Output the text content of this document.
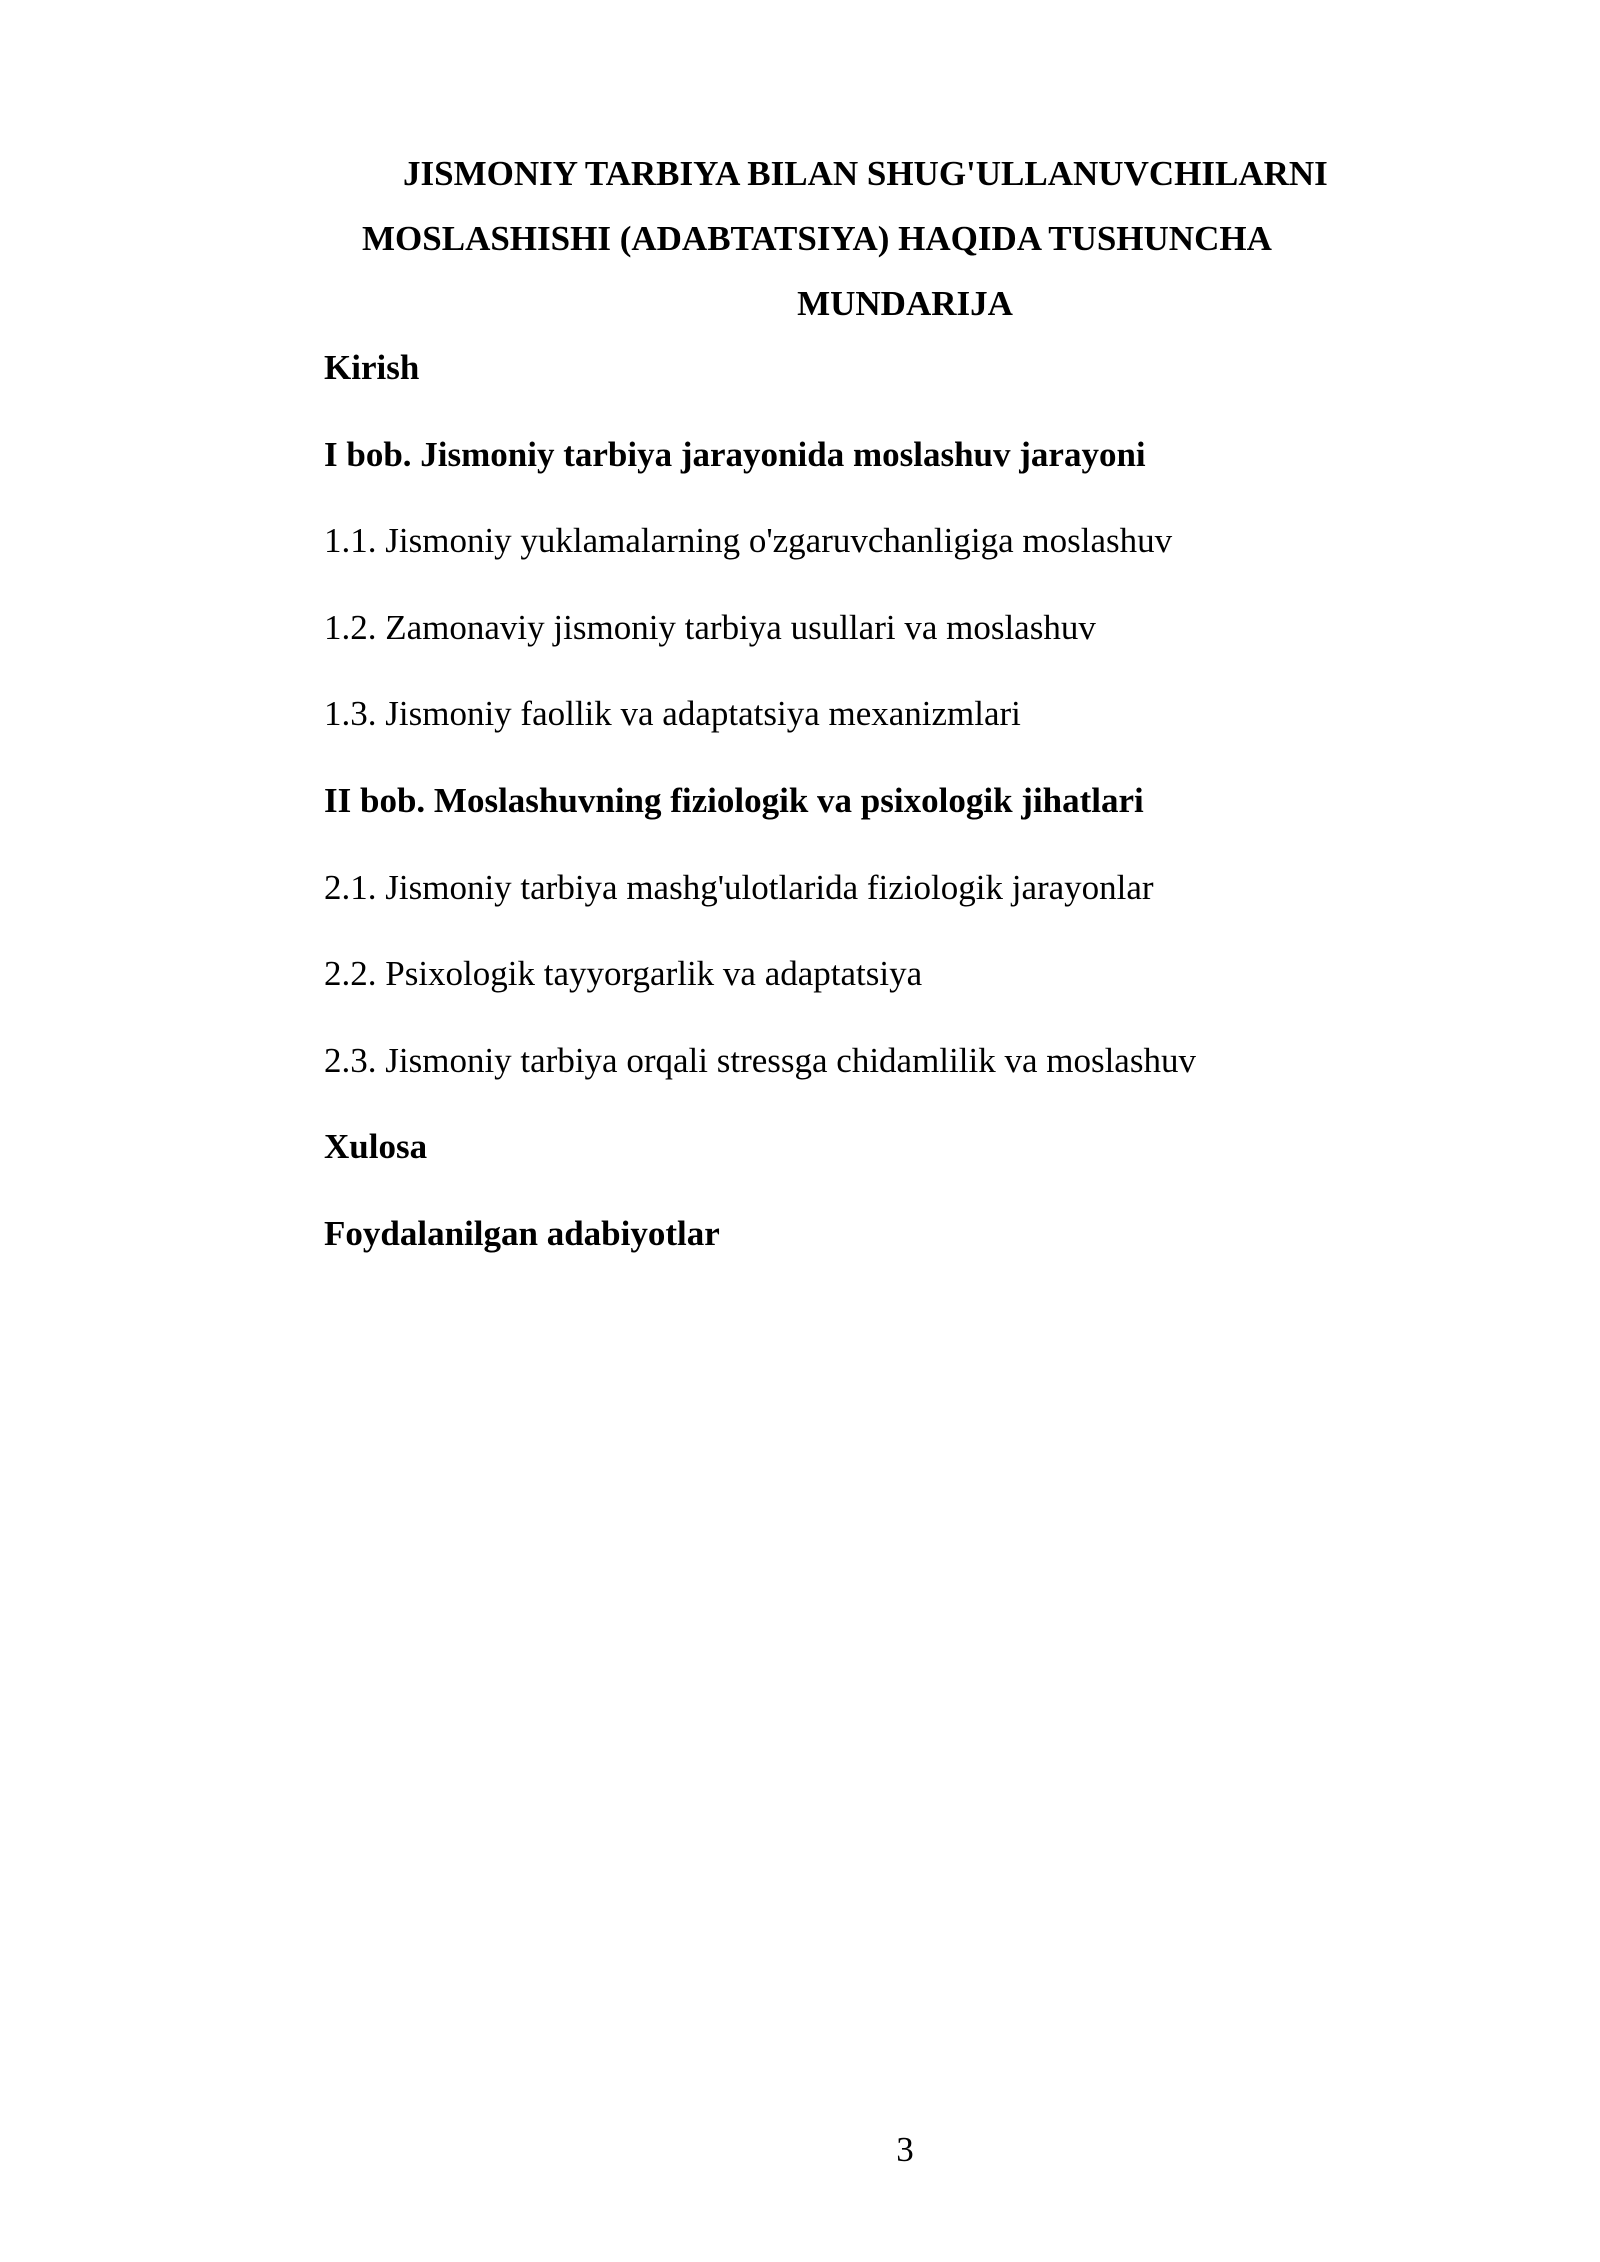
JISMONIY TARBIYA BILAN SHUG'ULLANUVCHILARNI
MOSLASHISHI (ADABTATSIYA) HAQIDA TUSHUNCHA
MUNDARIJA
Kirish
I bob. Jismoniy tarbiya jarayonida moslashuv jarayoni
1.1. Jismoniy yuklamalarning o'zgaruvchanligiga moslashuv
1.2. Zamonaviy jismoniy tarbiya usullari va moslashuv
1.3. Jismoniy faollik va adaptatsiya mexanizmlari
II bob. Moslashuvning fiziologik va psixologik jihatlari
2.1. Jismoniy tarbiya mashg'ulotlarida fiziologik jarayonlar
2.2. Psixologik tayyorgarlik va adaptatsiya
2.3. Jismoniy tarbiya orqali stressga chidamlilik va moslashuv
Xulosa
Foydalanilgan adabiyotlar
3
